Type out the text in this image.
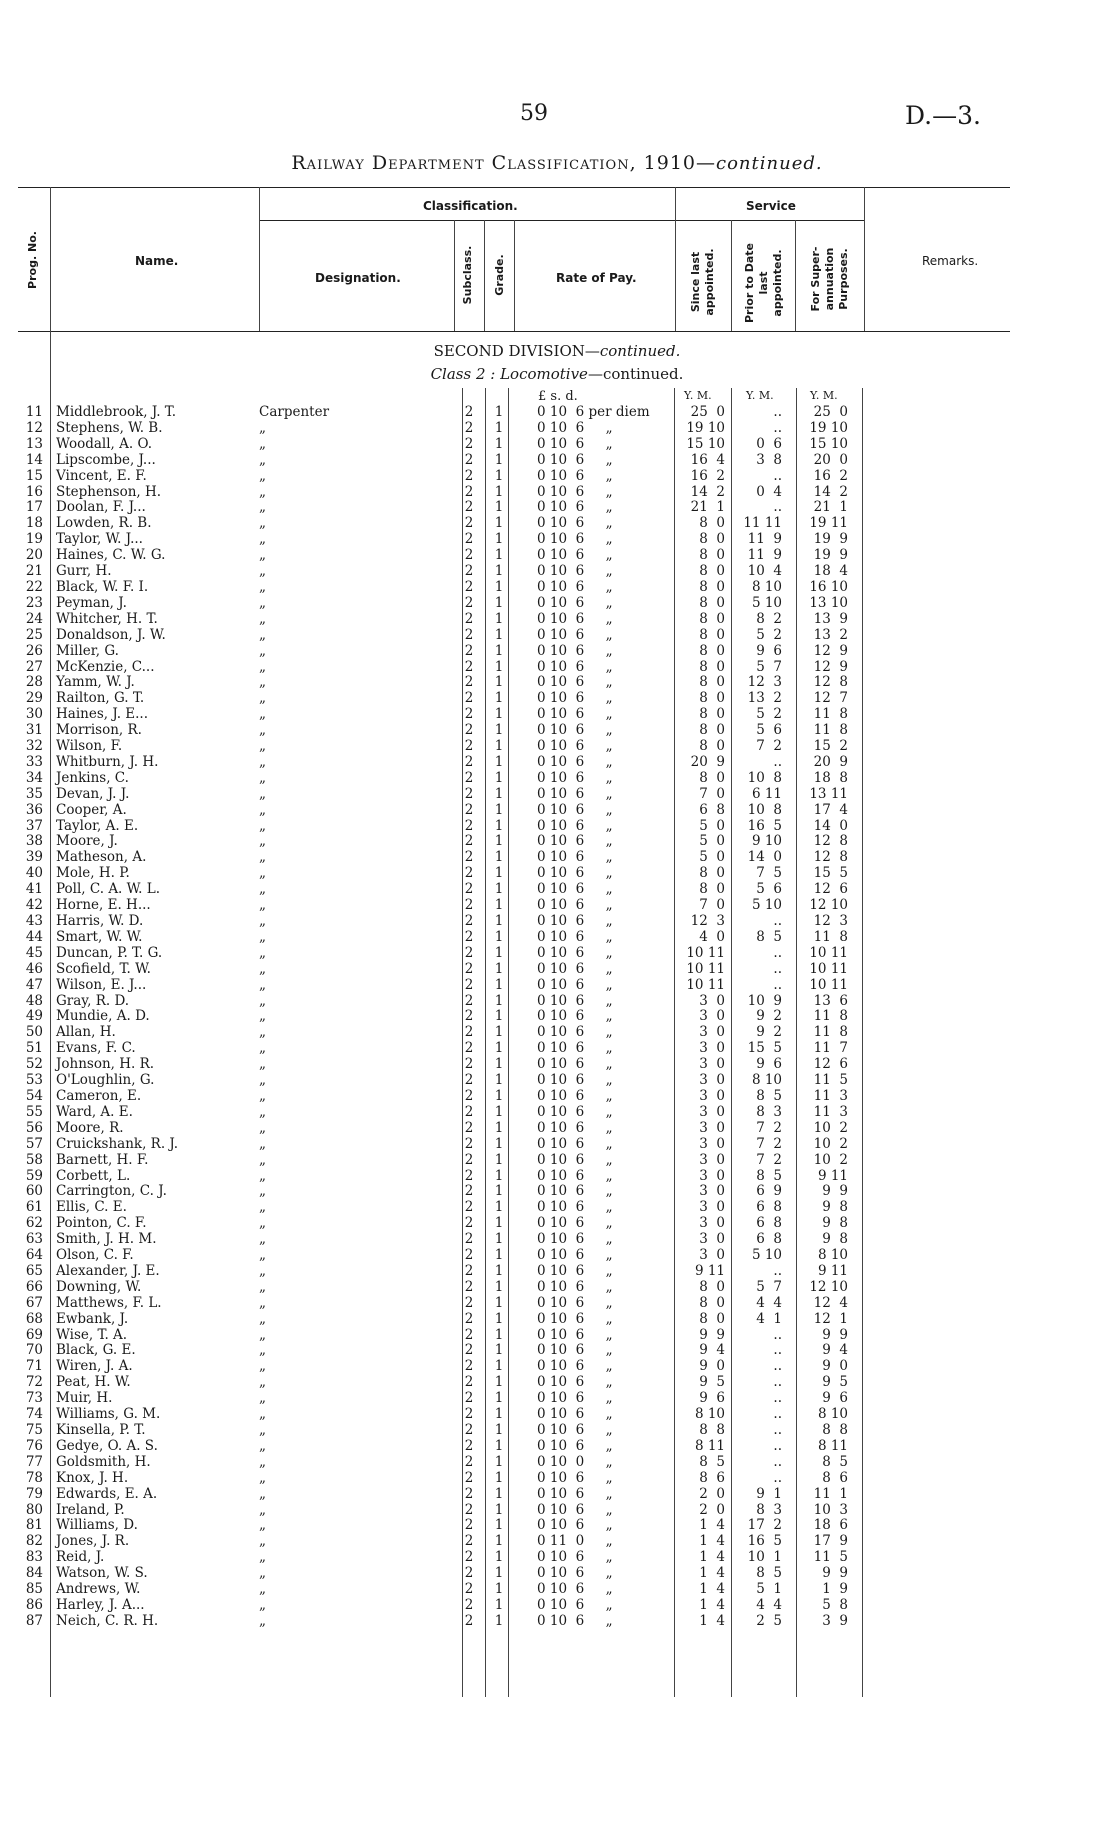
59	D.—3.
Railway Department Classification, 1910—continued.
Prog. No.	Name.
Classification.
Designation.	Subclass. Grade.	Rate of Pay.
Service
Since last appointed. Prior to Date last appointed. For Super-annuation Purposes.	Remarks.
SECOND DIVISION—continued.
Class 2 : Locomotive—continued.
£ s. d.	Y. M.	Y. M.	Y. M.
11 Middlebrook, J. T.	Carpenter	2 1 0 10  6 per diem	25  0	..	25  0
12 Stephens, W. B.	„	2 1 0 10  6     „	19 10	..	19 10
13 Woodall, A. O.	„	2 1 0 10  6     „	15 10	0  6	15 10
14 Lipscombe, J...	„	2 1 0 10  6     „	16  4	3  8	20  0
15 Vincent, E. F.	„	2 1 0 10  6     „	16  2	..	16  2
16 Stephenson, H.	„	2 1 0 10  6     „	14  2	0  4	14  2
17 Doolan, F. J...	„	2 1 0 10  6     „	21  1	..	21  1
18 Lowden, R. B.	„	2 1 0 10  6     „	8  0	11 11	19 11
19 Taylor, W. J...	„	2 1 0 10  6     „	8  0	11  9	19  9
20 Haines, C. W. G.	„	2 1 0 10  6     „	8  0	11  9	19  9
21 Gurr, H.	„	2 1 0 10  6     „	8  0	10  4	18  4
22 Black, W. F. I.	„	2 1 0 10  6     „	8  0	8 10	16 10
23 Peyman, J.	„	2 1 0 10  6     „	8  0	5 10	13 10
24 Whitcher, H. T.	„	2 1 0 10  6     „	8  0	8  2	13  9
25 Donaldson, J. W.	„	2 1 0 10  6     „	8  0	5  2	13  2
26 Miller, G.	„	2 1 0 10  6     „	8  0	9  6	12  9
27 McKenzie, C...	„	2 1 0 10  6     „	8  0	5  7	12  9
28 Yamm, W. J.	„	2 1 0 10  6     „	8  0	12  3	12  8
29 Railton, G. T.	„	2 1 0 10  6     „	8  0	13  2	12  7
30 Haines, J. E...	„	2 1 0 10  6     „	8  0	5  2	11  8
31 Morrison, R.	„	2 1 0 10  6     „	8  0	5  6	11  8
32 Wilson, F.	„	2 1 0 10  6     „	8  0	7  2	15  2
33 Whitburn, J. H.	„	2 1 0 10  6     „	20  9	..	20  9
34 Jenkins, C.	„	2 1 0 10  6     „	8  0	10  8	18  8
35 Devan, J. J.	„	2 1 0 10  6     „	7  0	6 11	13 11
36 Cooper, A.	„	2 1 0 10  6     „	6  8	10  8	17  4
37 Taylor, A. E.	„	2 1 0 10  6     „	5  0	16  5	14  0
38 Moore, J.	„	2 1 0 10  6     „	5  0	9 10	12  8
39 Matheson, A.	„	2 1 0 10  6     „	5  0	14  0	12  8
40 Mole, H. P.	„	2 1 0 10  6     „	8  0	7  5	15  5
41 Poll, C. A. W. L.	„	2 1 0 10  6     „	8  0	5  6	12  6
42 Horne, E. H...	„	2 1 0 10  6     „	7  0	5 10	12 10
43 Harris, W. D.	„	2 1 0 10  6     „	12  3	..	12  3
44 Smart, W. W.	„	2 1 0 10  6     „	4  0	8  5	11  8
45 Duncan, P. T. G.	„	2 1 0 10  6     „	10 11	..	10 11
46 Scofield, T. W.	„	2 1 0 10  6     „	10 11	..	10 11
47 Wilson, E. J...	„	2 1 0 10  6     „	10 11	..	10 11
48 Gray, R. D.	„	2 1 0 10  6     „	3  0	10  9	13  6
49 Mundie, A. D.	„	2 1 0 10  6     „	3  0	9  2	11  8
50 Allan, H.	„	2 1 0 10  6     „	3  0	9  2	11  8
51 Evans, F. C.	„	2 1 0 10  6     „	3  0	15  5	11  7
52 Johnson, H. R.	„	2 1 0 10  6     „	3  0	9  6	12  6
53 O'Loughlin, G.	„	2 1 0 10  6     „	3  0	8 10	11  5
54 Cameron, E.	„	2 1 0 10  6     „	3  0	8  5	11  3
55 Ward, A. E.	„	2 1 0 10  6     „	3  0	8  3	11  3
56 Moore, R.	„	2 1 0 10  6     „	3  0	7  2	10  2
57 Cruickshank, R. J.	„	2 1 0 10  6     „	3  0	7  2	10  2
58 Barnett, H. F.	„	2 1 0 10  6     „	3  0	7  2	10  2
59 Corbett, L.	„	2 1 0 10  6     „	3  0	8  5	9 11
60 Carrington, C. J.	„	2 1 0 10  6     „	3  0	6  9	9  9
61 Ellis, C. E.	„	2 1 0 10  6     „	3  0	6  8	9  8
62 Pointon, C. F.	„	2 1 0 10  6     „	3  0	6  8	9  8
63 Smith, J. H. M.	„	2 1 0 10  6     „	3  0	6  8	9  8
64 Olson, C. F.	„	2 1 0 10  6     „	3  0	5 10	8 10
65 Alexander, J. E.	„	2 1 0 10  6     „	9 11	..	9 11
66 Downing, W.	„	2 1 0 10  6     „	8  0	5  7	12 10
67 Matthews, F. L.	„	2 1 0 10  6     „	8  0	4  4	12  4
68 Ewbank, J.	„	2 1 0 10  6     „	8  0	4  1	12  1
69 Wise, T. A.	„	2 1 0 10  6     „	9  9	..	9  9
70 Black, G. E.	„	2 1 0 10  6     „	9  4	..	9  4
71 Wiren, J. A.	„	2 1 0 10  6     „	9  0	..	9  0
72 Peat, H. W.	„	2 1 0 10  6     „	9  5	..	9  5
73 Muir, H.	„	2 1 0 10  6     „	9  6	..	9  6
74 Williams, G. M.	„	2 1 0 10  6     „	8 10	..	8 10
75 Kinsella, P. T.	„	2 1 0 10  6     „	8  8	..	8  8
76 Gedye, O. A. S.	„	2 1 0 10  6     „	8 11	..	8 11
77 Goldsmith, H.	„	2 1 0 10  0     „	8  5	..	8  5
78 Knox, J. H.	„	2 1 0 10  6     „	8  6	..	8  6
79 Edwards, E. A.	„	2 1 0 10  6     „	2  0	9  1	11  1
80 Ireland, P.	„	2 1 0 10  6     „	2  0	8  3	10  3
81 Williams, D.	„	2 1 0 10  6     „	1  4	17  2	18  6
82 Jones, J. R.	„	2 1 0 11  0     „	1  4	16  5	17  9
83 Reid, J.	„	2 1 0 10  6     „	1  4	10  1	11  5
84 Watson, W. S.	„	2 1 0 10  6     „	1  4	8  5	9  9
85 Andrews, W.	„	2 1 0 10  6     „	1  4	5  1	1  9
86 Harley, J. A...	„	2 1 0 10  6     „	1  4	4  4	5  8
87 Neich, C. R. H.	„	2 1 0 10  6     „	1  4	2  5	3  9
